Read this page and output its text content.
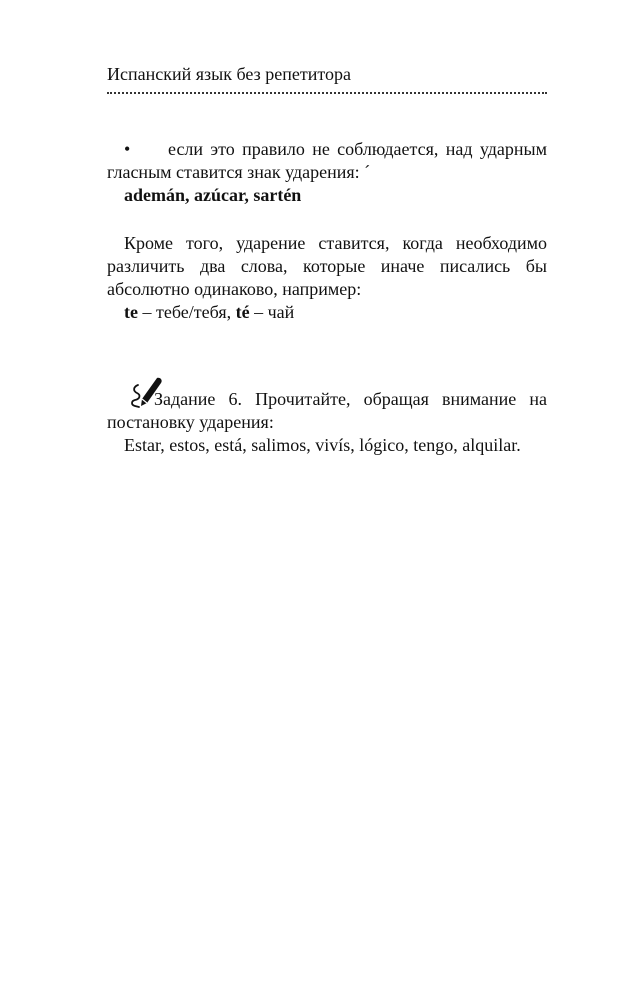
Испанский язык без репетитора
• если это правило не соблюдается, над ударным гласным ставится знак ударения: ´
ademán, azúcar, sartén
Кроме того, ударение ставится, когда необходимо различить два слова, которые иначе писались бы абсолютно одинаково, например:
te – тебе/тебя, té – чай
Задание 6. Прочитайте, обращая внимание на постановку ударения:
Estar, estos, está, salimos, vivís, lógico, tengo, alquilar.
